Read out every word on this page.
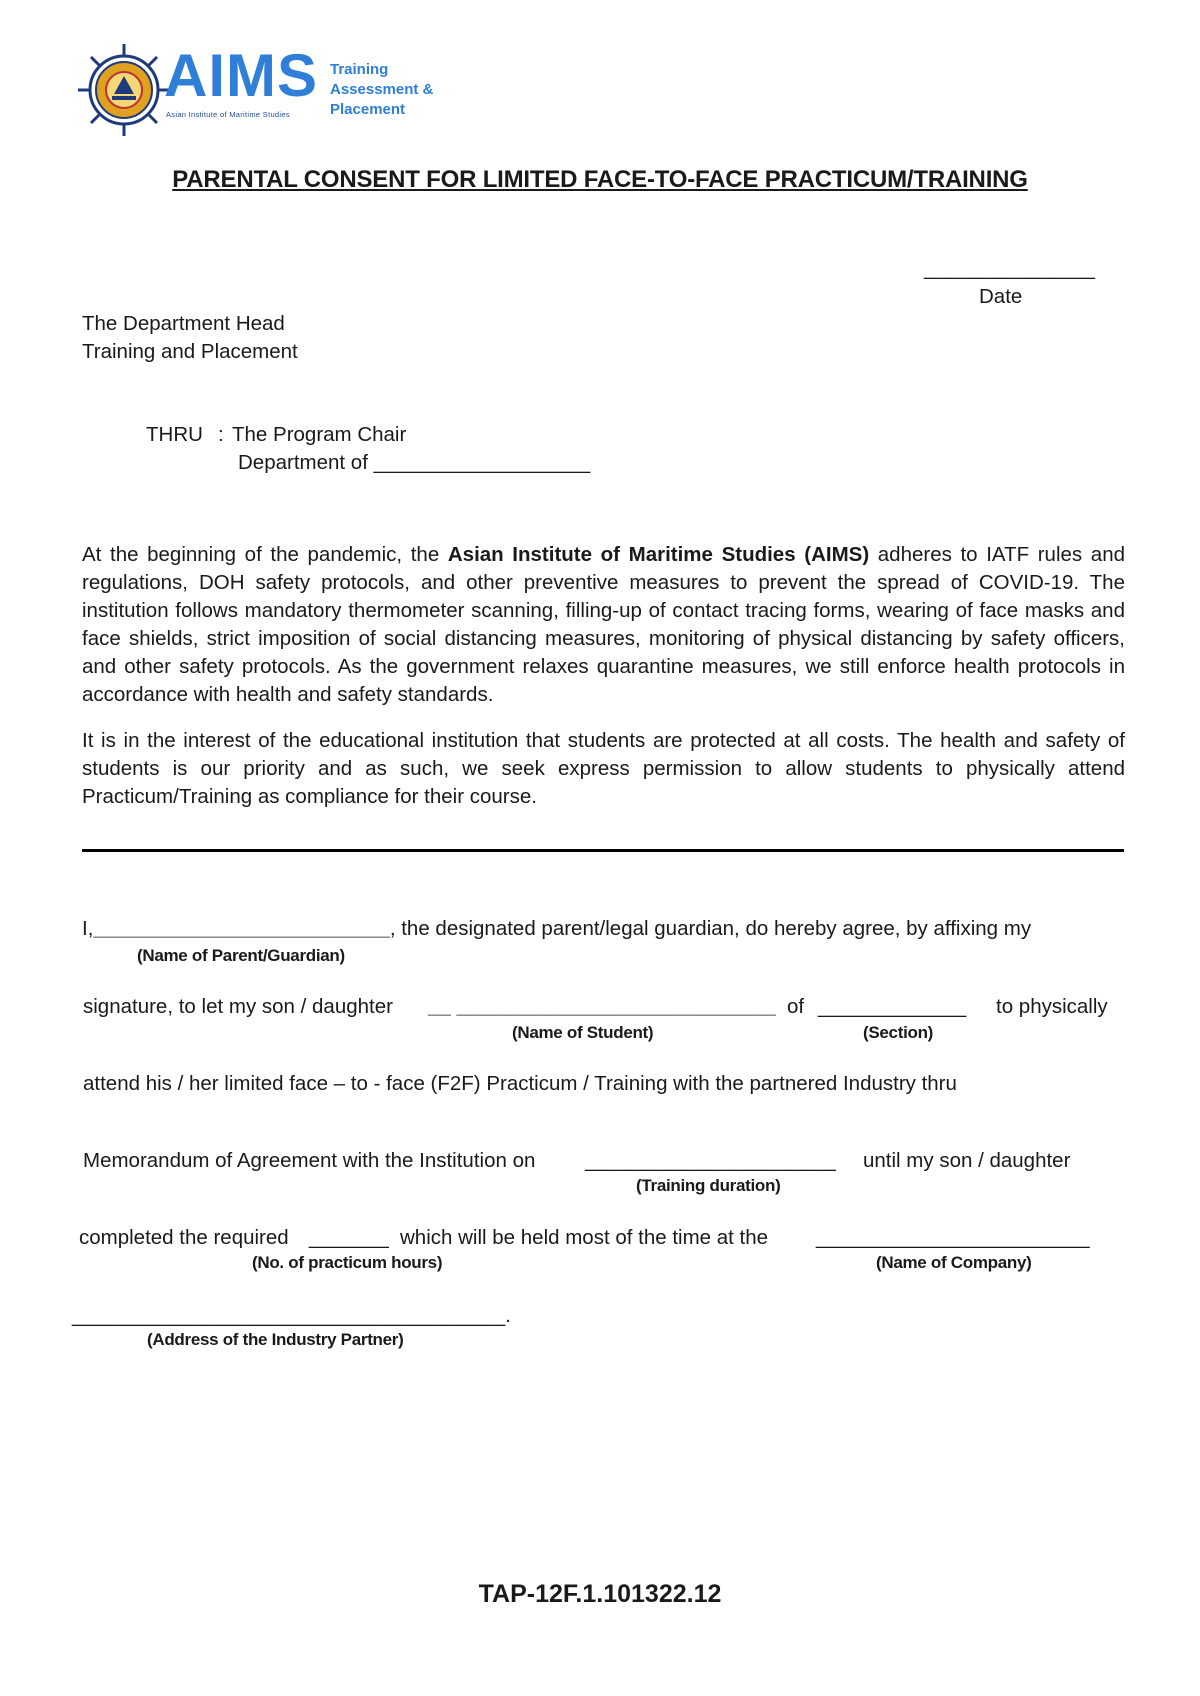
AIMS
Asian Institute of Maritime Studies
Training
Assessment &
Placement
PARENTAL CONSENT FOR LIMITED FACE-TO-FACE PRACTICUM/TRAINING
_______________
Date
The Department Head
Training and Placement
THRU : The Program Chair
Department of ___________________
At the beginning of the pandemic, the Asian Institute of Maritime Studies (AIMS) adheres to IATF rules and regulations, DOH safety protocols, and other preventive measures to prevent the spread of COVID-19. The institution follows mandatory thermometer scanning, filling-up of contact tracing forms, wearing of face masks and face shields, strict imposition of social distancing measures, monitoring of physical distancing by safety officers, and other safety protocols. As the government relaxes quarantine measures, we still enforce health protocols in accordance with health and safety standards.
It is in the interest of the educational institution that students are protected at all costs. The health and safety of students is our priority and as such, we seek express permission to allow students to physically attend Practicum/Training as compliance for their course.
I,__________________________, the designated parent/legal guardian, do hereby agree, by affixing my
(Name of Parent/Guardian)
signature, to let my son / daughter __ ____________________________ of _____________ to physically
(Name of Student)	(Section)
attend his / her limited face – to - face (F2F) Practicum / Training with the partnered Industry thru
Memorandum of Agreement with the Institution on ______________________ until my son / daughter
(Training duration)
completed the required _______ which will be held most of the time at the ________________________
(No. of practicum hours)	(Name of Company)
______________________________________.
(Address of the Industry Partner)
TAP-12F.1.101322.12
